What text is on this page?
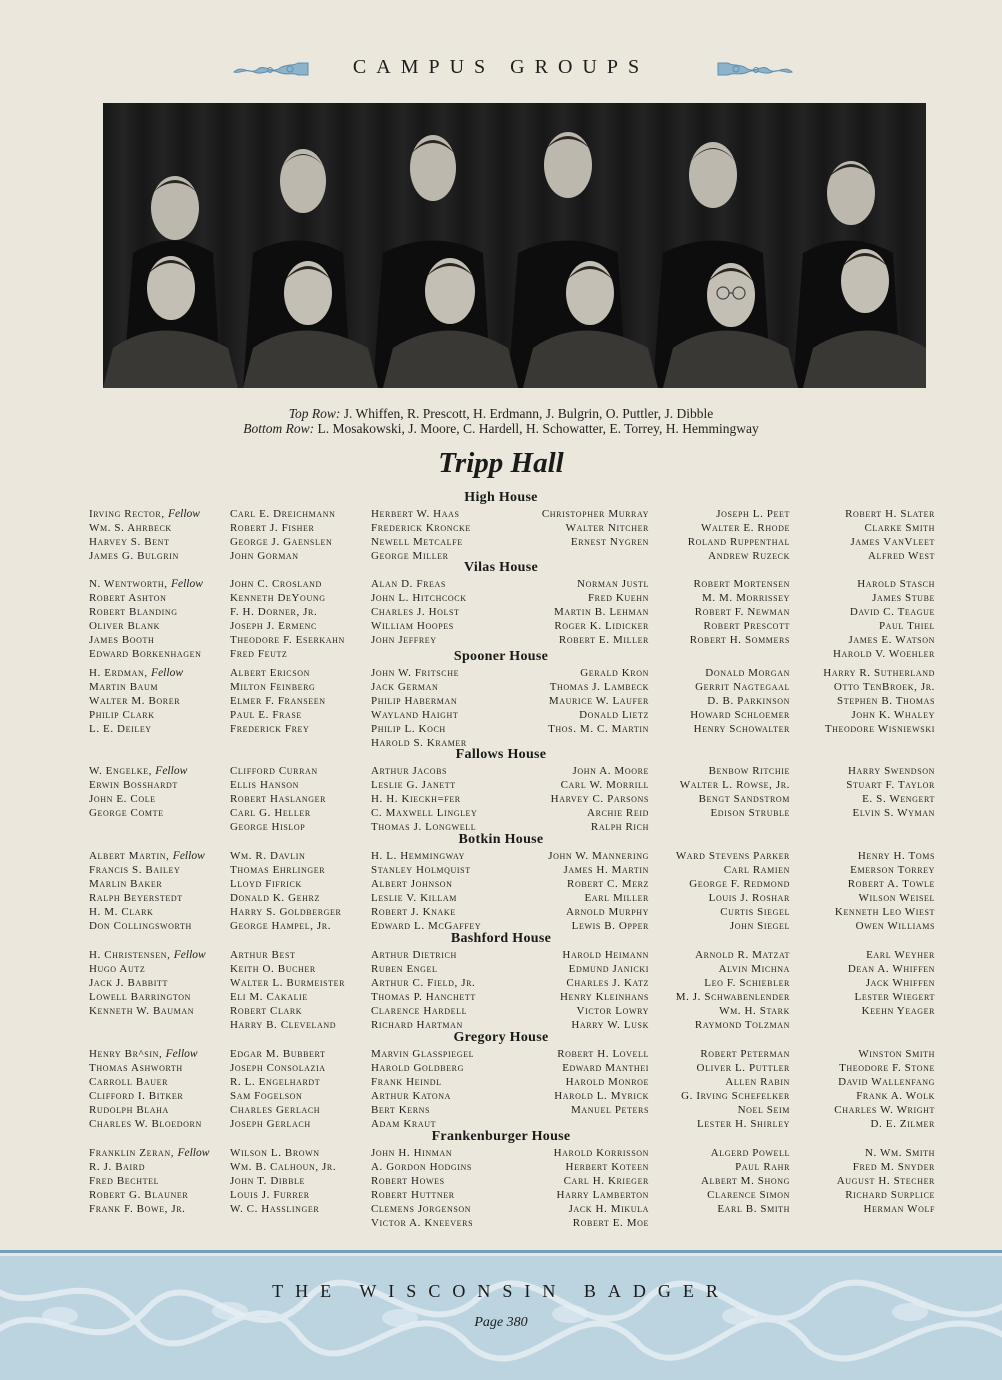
CAMPUS GROUPS
Top Row: J. Whiffen, R. Prescott, H. Erdmann, J. Bulgrin, O. Puttler, J. Dibble
Bottom Row: L. Mosakowski, J. Moore, C. Hardell, H. Schowatter, E. Torrey, H. Hemmingway
Tripp Hall
High House
Irving Rector, Fellow
Wm. S. Ahrbeck
Harvey S. Bent
James G. Bulgrin
Carl E. Dreichmann
Robert J. Fisher
George J. Gaenslen
John Gorman
Herbert W. Haas
Frederick Kroncke
Newell Metcalfe
George Miller
Christopher Murray
Walter Nitcher
Ernest Nygren
Joseph L. Peet
Walter E. Rhode
Roland Ruppenthal
Andrew Ruzeck
Robert H. Slater
Clarke Smith
James VanVleet
Alfred West
Vilas House
N. Wentworth, Fellow
Robert Ashton
Robert Blanding
Oliver Blank
James Booth
Edward Borkenhagen
John C. Crosland
Kenneth DeYoung
F. H. Dorner, Jr.
Joseph J. Ermenc
Theodore F. Eserkahn
Fred Feutz
Alan D. Freas
John L. Hitchcock
Charles J. Holst
William Hoopes
John Jeffrey
Norman Justl
Fred Kuehn
Martin B. Lehman
Roger K. Lidicker
Robert E. Miller
Robert Mortensen
M. M. Morrissey
Robert F. Newman
Robert Prescott
Robert H. Sommers
Harold Stasch
James Stube
David C. Teague
Paul Thiel
James E. Watson
Harold V. Woehler
Spooner House
H. Erdman, Fellow
Martin Baum
Walter M. Borer
Philip Clark
L. E. Deiley
Albert Ericson
Milton Feinberg
Elmer F. Franseen
Paul E. Frase
Frederick Frey
John W. Fritsche
Jack German
Philip Haberman
Wayland Haight
Philip L. Koch
Harold S. Kramer
Gerald Kron
Thomas J. Lambeck
Maurice W. Laufer
Donald Lietz
Thos. M. C. Martin
Donald Morgan
Gerrit Nagtegaal
D. B. Parkinson
Howard Schloemer
Henry Schowalter
Harry R. Sutherland
Otto TenBroek, Jr.
Stephen B. Thomas
John K. Whaley
Theodore Wisniewski
Fallows House
W. Engelke, Fellow
Erwin Bosshardt
John E. Cole
George Comte
Clifford Curran
Ellis Hanson
Robert Haslanger
Carl G. Heller
George Hislop
Arthur Jacobs
Leslie G. Janett
H. H. Kieckh=fer
C. Maxwell Lingley
Thomas J. Longwell
John A. Moore
Carl W. Morrill
Harvey C. Parsons
Archie Reid
Ralph Rich
Benbow Ritchie
Walter L. Rowse, Jr.
Bengt Sandstrom
Edison Struble
Harry Swendson
Stuart F. Taylor
E. S. Wengert
Elvin S. Wyman
Botkin House
Albert Martin, Fellow
Francis S. Bailey
Marlin Baker
Ralph Beyerstedt
H. M. Clark
Don Collingsworth
Wm. R. Davlin
Thomas Ehrlinger
Lloyd Fifrick
Donald K. Gehrz
Harry S. Goldberger
George Hampel, Jr.
H. L. Hemmingway
Stanley Holmquist
Albert Johnson
Leslie V. Killam
Robert J. Knake
Edward L. McGaffey
John W. Mannering
James H. Martin
Robert C. Merz
Earl Miller
Arnold Murphy
Lewis B. Opper
Ward Stevens Parker
Carl Ramien
George F. Redmond
Louis J. Roshar
Curtis Siegel
John Siegel
Henry H. Toms
Emerson Torrey
Robert A. Towle
Wilson Weisel
Kenneth Leo Wiest
Owen Williams
Bashford House
H. Christensen, Fellow
Hugo Autz
Jack J. Babbitt
Lowell Barrington
Kenneth W. Bauman
Arthur Best
Keith O. Bucher
Walter L. Burmeister
Eli M. Cakalie
Robert Clark
Harry B. Cleveland
Arthur Dietrich
Ruben Engel
Arthur C. Field, Jr.
Thomas P. Hanchett
Clarence Hardell
Richard Hartman
Harold Heimann
Edmund Janicki
Charles J. Katz
Henry Kleinhans
Victor Lowry
Harry W. Lusk
Arnold R. Matzat
Alvin Michna
Leo F. Schiebler
M. J. Schwabenlender
Wm. H. Stark
Raymond Tolzman
Earl Weyher
Dean A. Whiffen
Jack Whiffen
Lester Wiegert
Keehn Yeager
Gregory House
Henry Br^sin, Fellow
Thomas Ashworth
Carroll Bauer
Clifford I. Bitker
Rudolph Blaha
Charles W. Bloedorn
Edgar M. Bubbert
Joseph Consolazia
R. L. Engelhardt
Sam Fogelson
Charles Gerlach
Joseph Gerlach
Marvin Glasspiegel
Harold Goldberg
Frank Heindl
Arthur Katona
Bert Kerns
Adam Kraut
Robert H. Lovell
Edward Manthei
Harold Monroe
Harold L. Myrick
Manuel Peters
Robert Peterman
Oliver L. Puttler
Allen Rabin
G. Irving Schefelker
Noel Seim
Lester H. Shirley
Winston Smith
Theodore F. Stone
David Wallenfang
Frank A. Wolk
Charles W. Wright
D. E. Zilmer
Frankenburger House
Franklin Zeran, Fellow
R. J. Baird
Fred Bechtel
Robert G. Blauner
Frank F. Bowe, Jr.
Wilson L. Brown
Wm. B. Calhoun, Jr.
John T. Dibble
Louis J. Furrer
W. C. Hasslinger
John H. Hinman
A. Gordon Hodgins
Robert Howes
Robert Huttner
Clemens Jorgenson
Victor A. Kneevers
Harold Korrisson
Herbert Koteen
Carl H. Krieger
Harry Lamberton
Jack H. Mikula
Robert E. Moe
Algerd Powell
Paul Rahr
Albert M. Shong
Clarence Simon
Earl B. Smith
N. Wm. Smith
Fred M. Snyder
August H. Stecher
Richard Surplice
Herman Wolf
THE WISCONSIN BADGER
Page 380
